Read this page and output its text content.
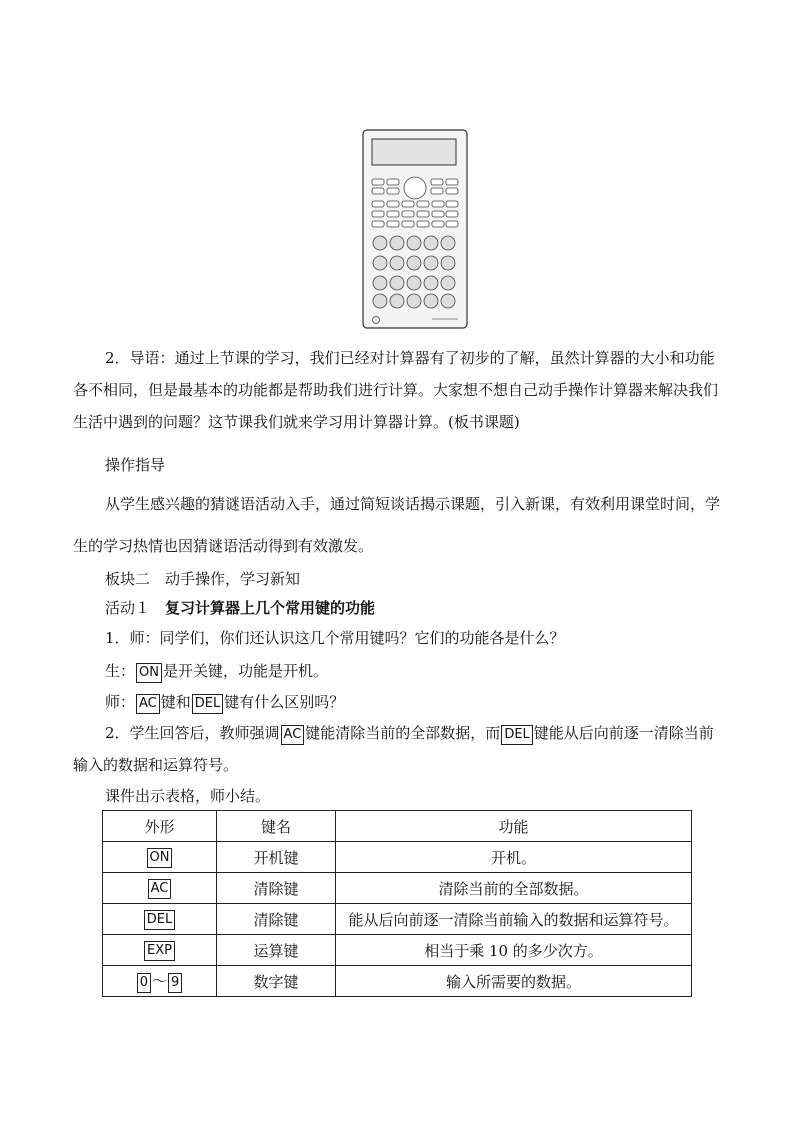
2．导语：通过上节课的学习，我们已经对计算器有了初步的了解，虽然计算器的大小和功能各不相同，但是最基本的功能都是帮助我们进行计算。大家想不想自己动手操作计算器来解决我们生活中遇到的问题？这节课我们就来学习用计算器计算。(板书课题)

操作指导

从学生感兴趣的猜谜语活动入手，通过简短谈话揭示课题，引入新课，有效利用课堂时间，学生的学习热情也因猜谜语活动得到有效激发。

板块二　动手操作，学习新知

活动１　复习计算器上几个常用键的功能

1．师：同学们，你们还认识这几个常用键吗？它们的功能各是什么？

生： ON 是开关键，功能是开机。

师： AC 键和 DEL 键有什么区别吗？

2．学生回答后，教师强调 AC 键能清除当前的全部数据，而 DEL 键能从后向前逐一清除当前输入的数据和运算符号。

课件出示表格，师小结。

外形	键名	功能
ON	开机键	开机。
AC	清除键	清除当前的全部数据。
DEL	清除键	能从后向前逐一清除当前输入的数据和运算符号。
EXP	运算键	相当于乘 10 的多少次方。
0 ～ 9	数字键	输入所需要的数据。
